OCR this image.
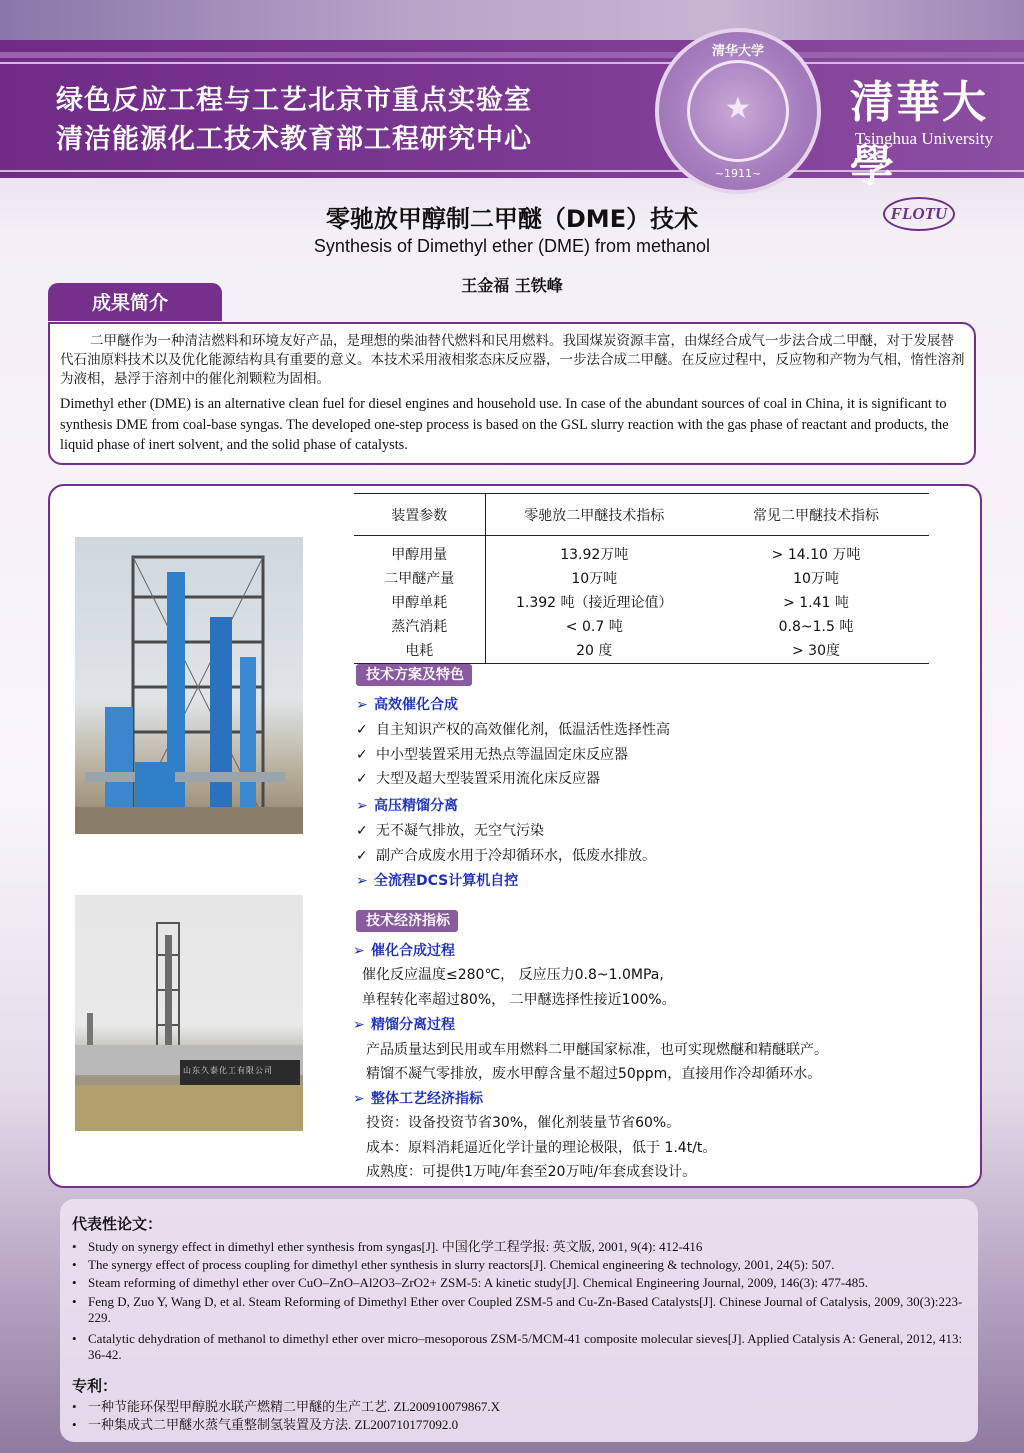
绿色反应工程与工艺北京市重点实验室
清洁能源化工技术教育部工程研究中心
清华大学
★
~1911~
清華大學
Tsinghua University
零驰放甲醇制二甲醚（DME）技术
Synthesis of Dimethyl ether (DME) from methanol
王金福 王铁峰
FLOTU
成果简介

二甲醚作为一种清洁燃料和环境友好产品，是理想的柴油替代燃料和民用燃料。我国煤炭资源丰富，由煤经合成气一步法合成二甲醚，对于发展替代石油原料技术以及优化能源结构具有重要的意义。本技术采用液相浆态床反应器，一步法合成二甲醚。在反应过程中，反应物和产物为气相，惰性溶剂为液相，悬浮于溶剂中的催化剂颗粒为固相。

Dimethyl ether (DME) is an alternative clean fuel for diesel engines and household use. In case of the abundant sources of coal in China, it is significant to synthesis DME from coal-base syngas. The developed one-step process is based on the GSL slurry reaction with the gas phase of reactant and products, the liquid phase of inert solvent, and the solid phase of catalysts.

山东久泰化工有限公司
装置参数	零驰放二甲醚技术指标	常见二甲醚技术指标
甲醇用量	13.92万吨	> 14.10 万吨
二甲醚产量	10万吨	10万吨
甲醇单耗	1.392 吨（接近理论值）	> 1.41 吨
蒸汽消耗	< 0.7 吨	0.8~1.5 吨
电耗	20 度	> 30度
技术方案及特色
➢ 高效催化合成
✓ 自主知识产权的高效催化剂，低温活性选择性高
✓ 中小型装置采用无热点等温固定床反应器
✓ 大型及超大型装置采用流化床反应器
➢ 高压精馏分离
✓ 无不凝气排放，无空气污染
✓ 副产合成废水用于冷却循环水，低废水排放。
➢ 全流程DCS计算机自控
技术经济指标
➢ 催化合成过程
催化反应温度≤280℃， 反应压力0.8~1.0MPa,
单程转化率超过80%， 二甲醚选择性接近100%。
➢ 精馏分离过程
产品质量达到民用或车用燃料二甲醚国家标准，也可实现燃醚和精醚联产。
精馏不凝气零排放，废水甲醇含量不超过50ppm，直接用作冷却循环水。
➢ 整体工艺经济指标
投资：设备投资节省30%，催化剂装量节省60%。
成本：原料消耗逼近化学计量的理论极限，低于 1.4t/t。
成熟度：可提供1万吨/年套至20万吨/年套成套设计。
代表性论文：
• Study on synergy effect in dimethyl ether synthesis from syngas[J]. 中国化学工程学报: 英文版, 2001, 9(4): 412-416
• The synergy effect of process coupling for dimethyl ether synthesis in slurry reactors[J]. Chemical engineering & technology, 2001, 24(5): 507.
• Steam reforming of dimethyl ether over CuO–ZnO–Al2O3–ZrO2+ ZSM-5: A kinetic study[J]. Chemical Engineering Journal, 2009, 146(3): 477-485.
• Feng D, Zuo Y, Wang D, et al. Steam Reforming of Dimethyl Ether over Coupled ZSM-5 and Cu-Zn-Based Catalysts[J]. Chinese Journal of Catalysis, 2009, 30(3):223-229.
• Catalytic dehydration of methanol to dimethyl ether over micro–mesoporous ZSM-5/MCM-41 composite molecular sieves[J]. Applied Catalysis A: General, 2012, 413: 36-42.
专利：
• 一种节能环保型甲醇脱水联产燃精二甲醚的生产工艺. ZL200910079867.X
• 一种集成式二甲醚水蒸气重整制氢装置及方法. ZL200710177092.0
